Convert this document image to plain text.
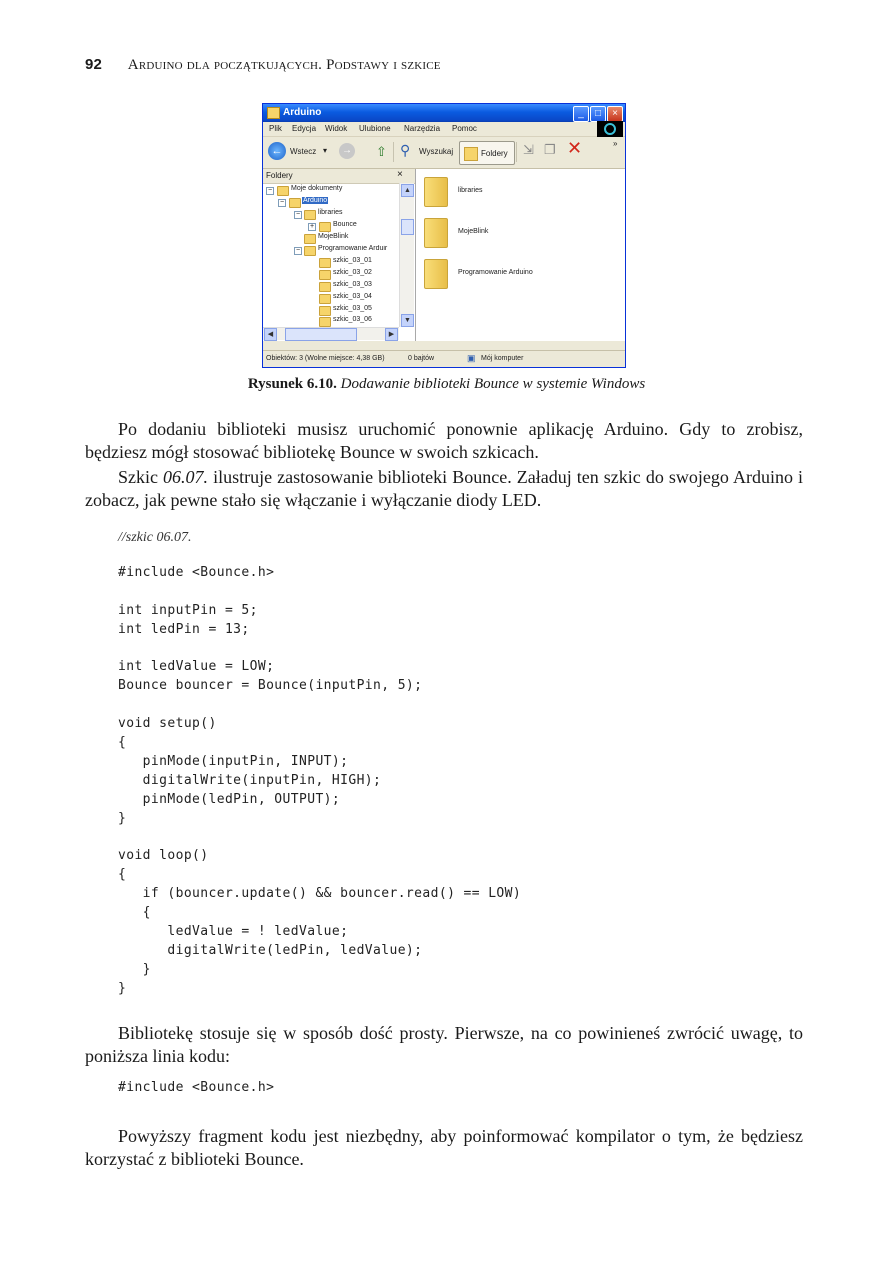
92 Arduino dla początkujących. Podstawy i szkice
Arduino	_	□	×
Plik Edycja Widok Ulubione Narzędzia Pomoc
← Wstecz ▾	→ ⇧ ⚲ Wyszukaj	Foldery ⇲ ❐ ✕	»
Foldery	×
−	Moje dokumenty
−	Arduino
−	libraries
+	Bounce
MojeBlink
−	Programowanie Arduir
szkic_03_01
szkic_03_02
szkic_03_03
szkic_03_04
szkic_03_05
szkic_03_06
▲
▼
◀	▶
libraries
MojeBlink
Programowanie Arduino
Obiektów: 3 (Wolne miejsce: 4,38 GB)	0 bajtów	▣ Mój komputer
Rysunek 6.10. Dodawanie biblioteki Bounce w systemie Windows
Po dodaniu biblioteki musisz uruchomić ponownie aplikację Arduino. Gdy to zrobisz, będziesz mógł stosować bibliotekę Bounce w swoich szkicach.
Szkic 06.07. ilustruje zastosowanie biblioteki Bounce. Załaduj ten szkic do swojego Arduino i zobacz, jak pewne stało się włączanie i wyłączanie diody LED.
//szkic 06.07.
#include <Bounce.h>
int inputPin = 5;
int ledPin = 13;
int ledValue = LOW;
Bounce bouncer = Bounce(inputPin, 5);
void setup()
{
pinMode(inputPin, INPUT);
digitalWrite(inputPin, HIGH);
pinMode(ledPin, OUTPUT);
}
void loop()
{
if (bouncer.update() && bouncer.read() == LOW)
{
ledValue = ! ledValue;
digitalWrite(ledPin, ledValue);
}
}
Bibliotekę stosuje się w sposób dość prosty. Pierwsze, na co powinieneś zwrócić uwagę, to poniższa linia kodu:
#include <Bounce.h>
Powyższy fragment kodu jest niezbędny, aby poinformować kompilator o tym, że będziesz korzystać z biblioteki Bounce.
